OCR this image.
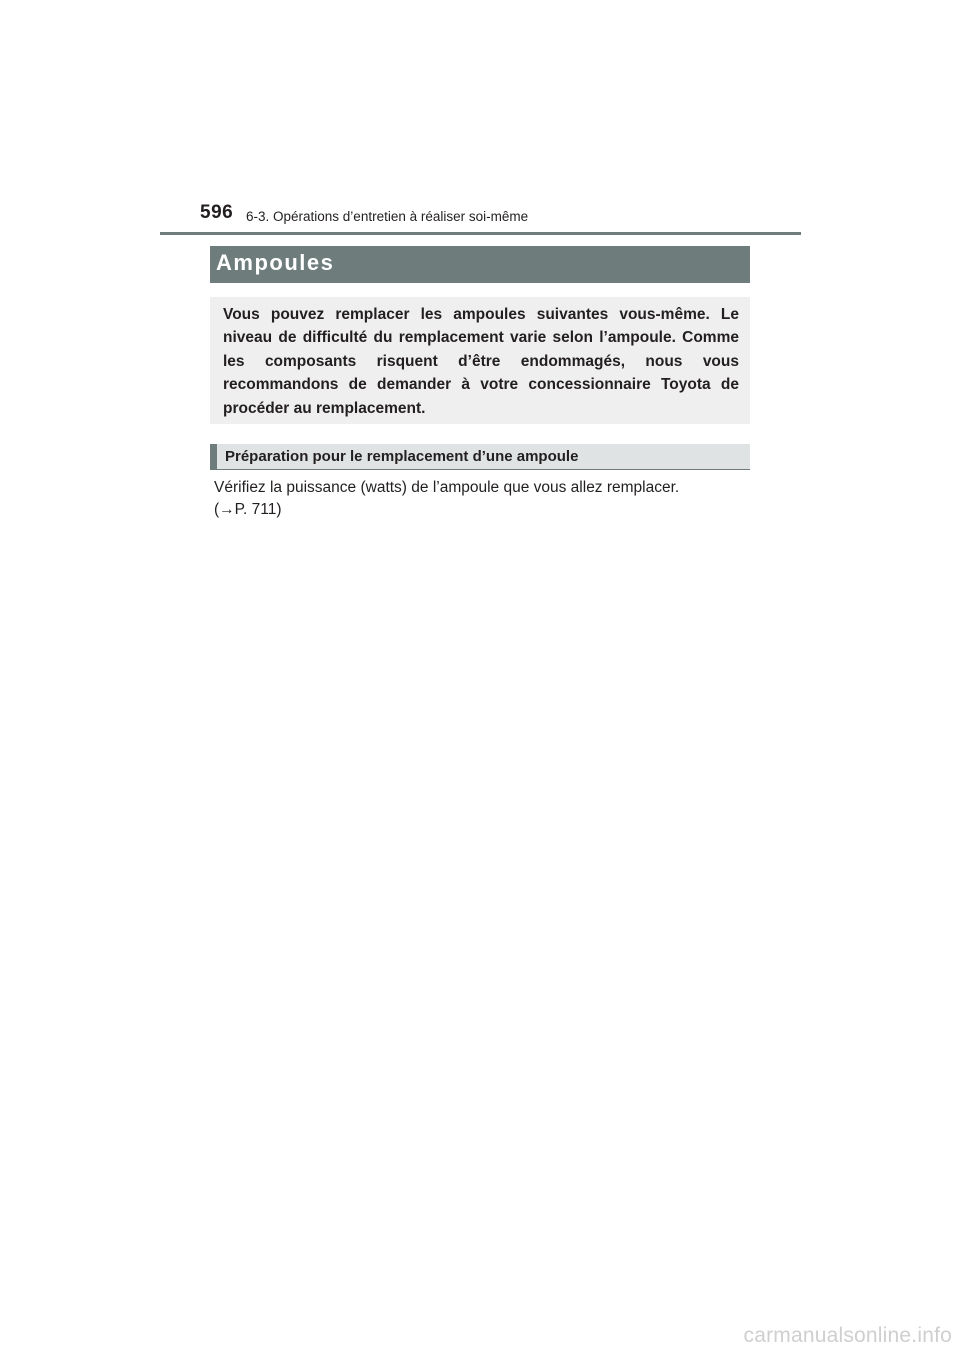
596 6-3. Opérations d’entretien à réaliser soi-même
Ampoules

Vous pouvez remplacer les ampoules suivantes vous-même. Le niveau de difficulté du remplacement varie selon l’ampoule. Comme les composants risquent d’être endommagés, nous vous recommandons de demander à votre concessionnaire Toyota de procéder au remplacement.

Préparation pour le remplacement d’une ampoule

Vérifiez la puissance (watts) de l’ampoule que vous allez remplacer.
(→P. 711)

carmanualsonline.info
